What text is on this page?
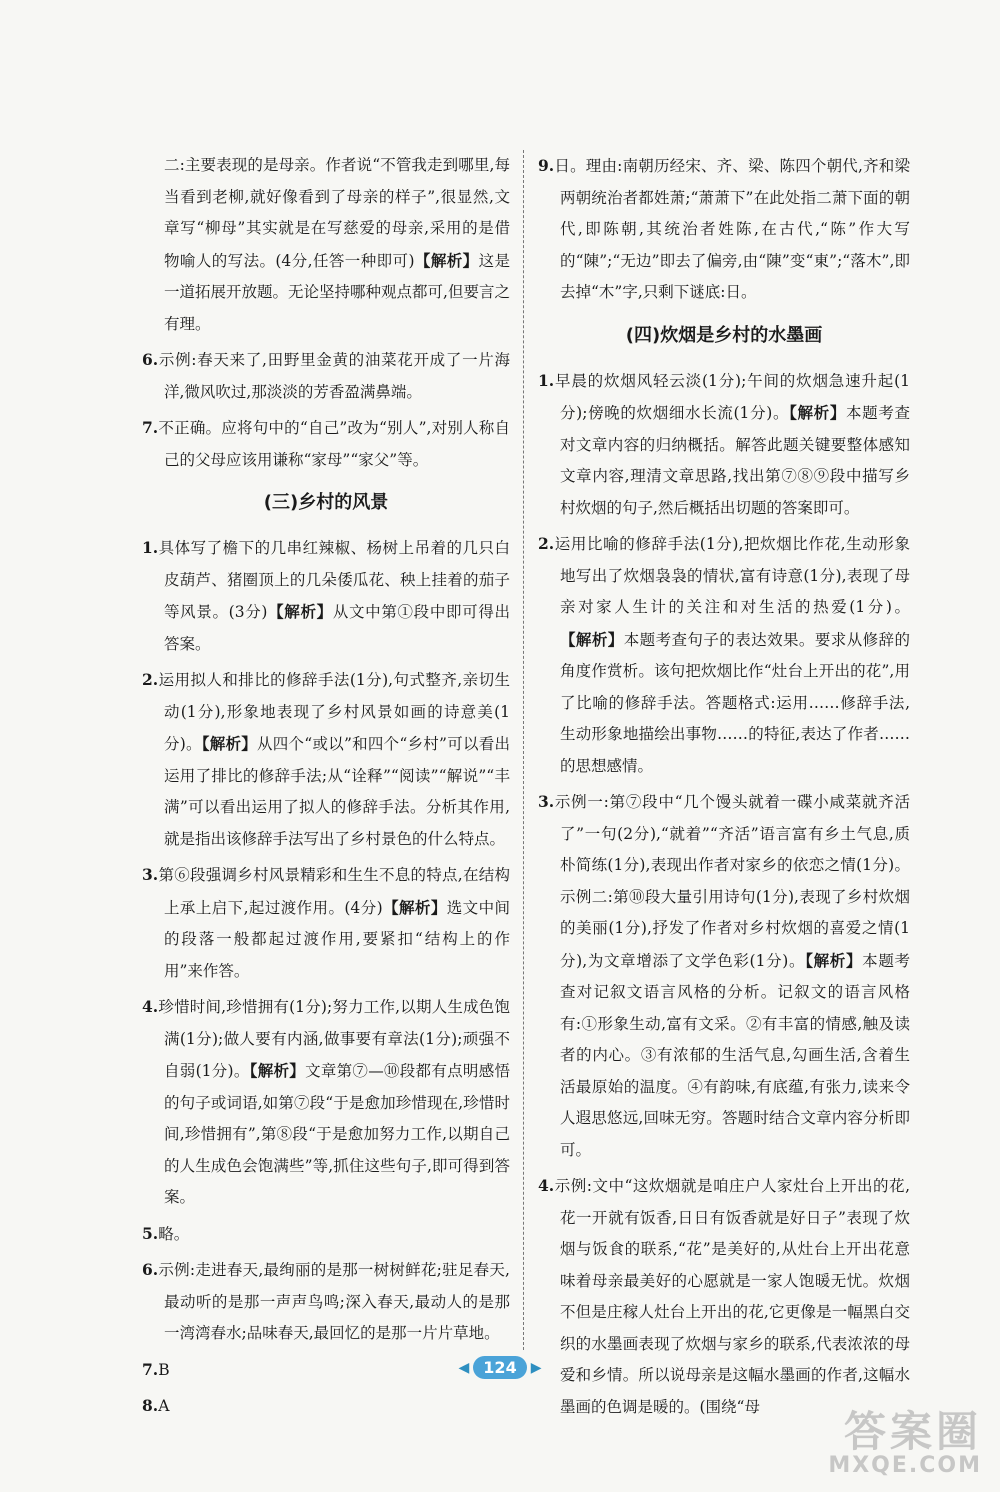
二:主要表现的是母亲。作者说“不管我走到哪里,每当看到老柳,就好像看到了母亲的样子”,很显然,文章写“柳母”其实就是在写慈爱的母亲,采用的是借物喻人的写法。(4分,任答一种即可)【解析】这是一道拓展开放题。无论坚持哪种观点都可,但要言之有理。

6.示例:春天来了,田野里金黄的油菜花开成了一片海洋,微风吹过,那淡淡的芳香盈满鼻端。

7.不正确。应将句中的“自己”改为“别人”,对别人称自己的父母应该用谦称“家母”“家父”等。

(三)乡村的风景

1.具体写了檐下的几串红辣椒、杨树上吊着的几只白皮葫芦、猪圈顶上的几朵倭瓜花、秧上挂着的茄子等风景。(3分)【解析】从文中第①段中即可得出答案。

2.运用拟人和排比的修辞手法(1分),句式整齐,亲切生动(1分),形象地表现了乡村风景如画的诗意美(1分)。【解析】从四个“或以”和四个“乡村”可以看出运用了排比的修辞手法;从“诠释”“阅读”“解说”“丰满”可以看出运用了拟人的修辞手法。分析其作用,就是指出该修辞手法写出了乡村景色的什么特点。

3.第⑥段强调乡村风景精彩和生生不息的特点,在结构上承上启下,起过渡作用。(4分)【解析】选文中间的段落一般都起过渡作用,要紧扣“结构上的作用”来作答。

4.珍惜时间,珍惜拥有(1分);努力工作,以期人生成色饱满(1分);做人要有内涵,做事要有章法(1分);顽强不自弱(1分)。【解析】文章第⑦—⑩段都有点明感悟的句子或词语,如第⑦段“于是愈加珍惜现在,珍惜时间,珍惜拥有”,第⑧段“于是愈加努力工作,以期自己的人生成色会饱满些”等,抓住这些句子,即可得到答案。

5.略。

6.示例:走进春天,最绚丽的是那一树树鲜花;驻足春天,最动听的是那一声声鸟鸣;深入春天,最动人的是那一湾湾春水;品味春天,最回忆的是那一片片草地。

7.B

8.A

9.日。理由:南朝历经宋、齐、梁、陈四个朝代,齐和梁两朝统治者都姓萧;“萧萧下”在此处指二萧下面的朝代,即陈朝,其统治者姓陈,在古代,“陈”作大写的“陳”;“无边”即去了偏旁,由“陳”变“東”;“落木”,即去掉“木”字,只剩下谜底:日。

(四)炊烟是乡村的水墨画

1.早晨的炊烟风轻云淡(1分);午间的炊烟急速升起(1分);傍晚的炊烟细水长流(1分)。【解析】本题考查对文章内容的归纳概括。解答此题关键要整体感知文章内容,理清文章思路,找出第⑦⑧⑨段中描写乡村炊烟的句子,然后概括出切题的答案即可。

2.运用比喻的修辞手法(1分),把炊烟比作花,生动形象地写出了炊烟袅袅的情状,富有诗意(1分),表现了母亲对家人生计的关注和对生活的热爱(1分)。【解析】本题考查句子的表达效果。要求从修辞的角度作赏析。该句把炊烟比作“灶台上开出的花”,用了比喻的修辞手法。答题格式:运用……修辞手法,生动形象地描绘出事物……的特征,表达了作者……的思想感情。

3.示例一:第⑦段中“几个馒头就着一碟小咸菜就齐活了”一句(2分),“就着”“齐活”语言富有乡土气息,质朴简练(1分),表现出作者对家乡的依恋之情(1分)。示例二:第⑩段大量引用诗句(1分),表现了乡村炊烟的美丽(1分),抒发了作者对乡村炊烟的喜爱之情(1分),为文章增添了文学色彩(1分)。【解析】本题考查对记叙文语言风格的分析。记叙文的语言风格有:①形象生动,富有文采。②有丰富的情感,触及读者的内心。③有浓郁的生活气息,勾画生活,含着生活最原始的温度。④有韵味,有底蕴,有张力,读来令人遐思悠远,回味无穷。答题时结合文章内容分析即可。

4.示例:文中“这炊烟就是咱庄户人家灶台上开出的花,花一开就有饭香,日日有饭香就是好日子”表现了炊烟与饭食的联系,“花”是美好的,从灶台上开出花意味着母亲最美好的心愿就是一家人饱暖无忧。炊烟不但是庄稼人灶台上开出的花,它更像是一幅黑白交织的水墨画表现了炊烟与家乡的联系,代表浓浓的母爱和乡情。所以说母亲是这幅水墨画的作者,这幅水墨画的色调是暖的。(围绕“母

◀ 124	▶
答案圈
MXQE.COM
